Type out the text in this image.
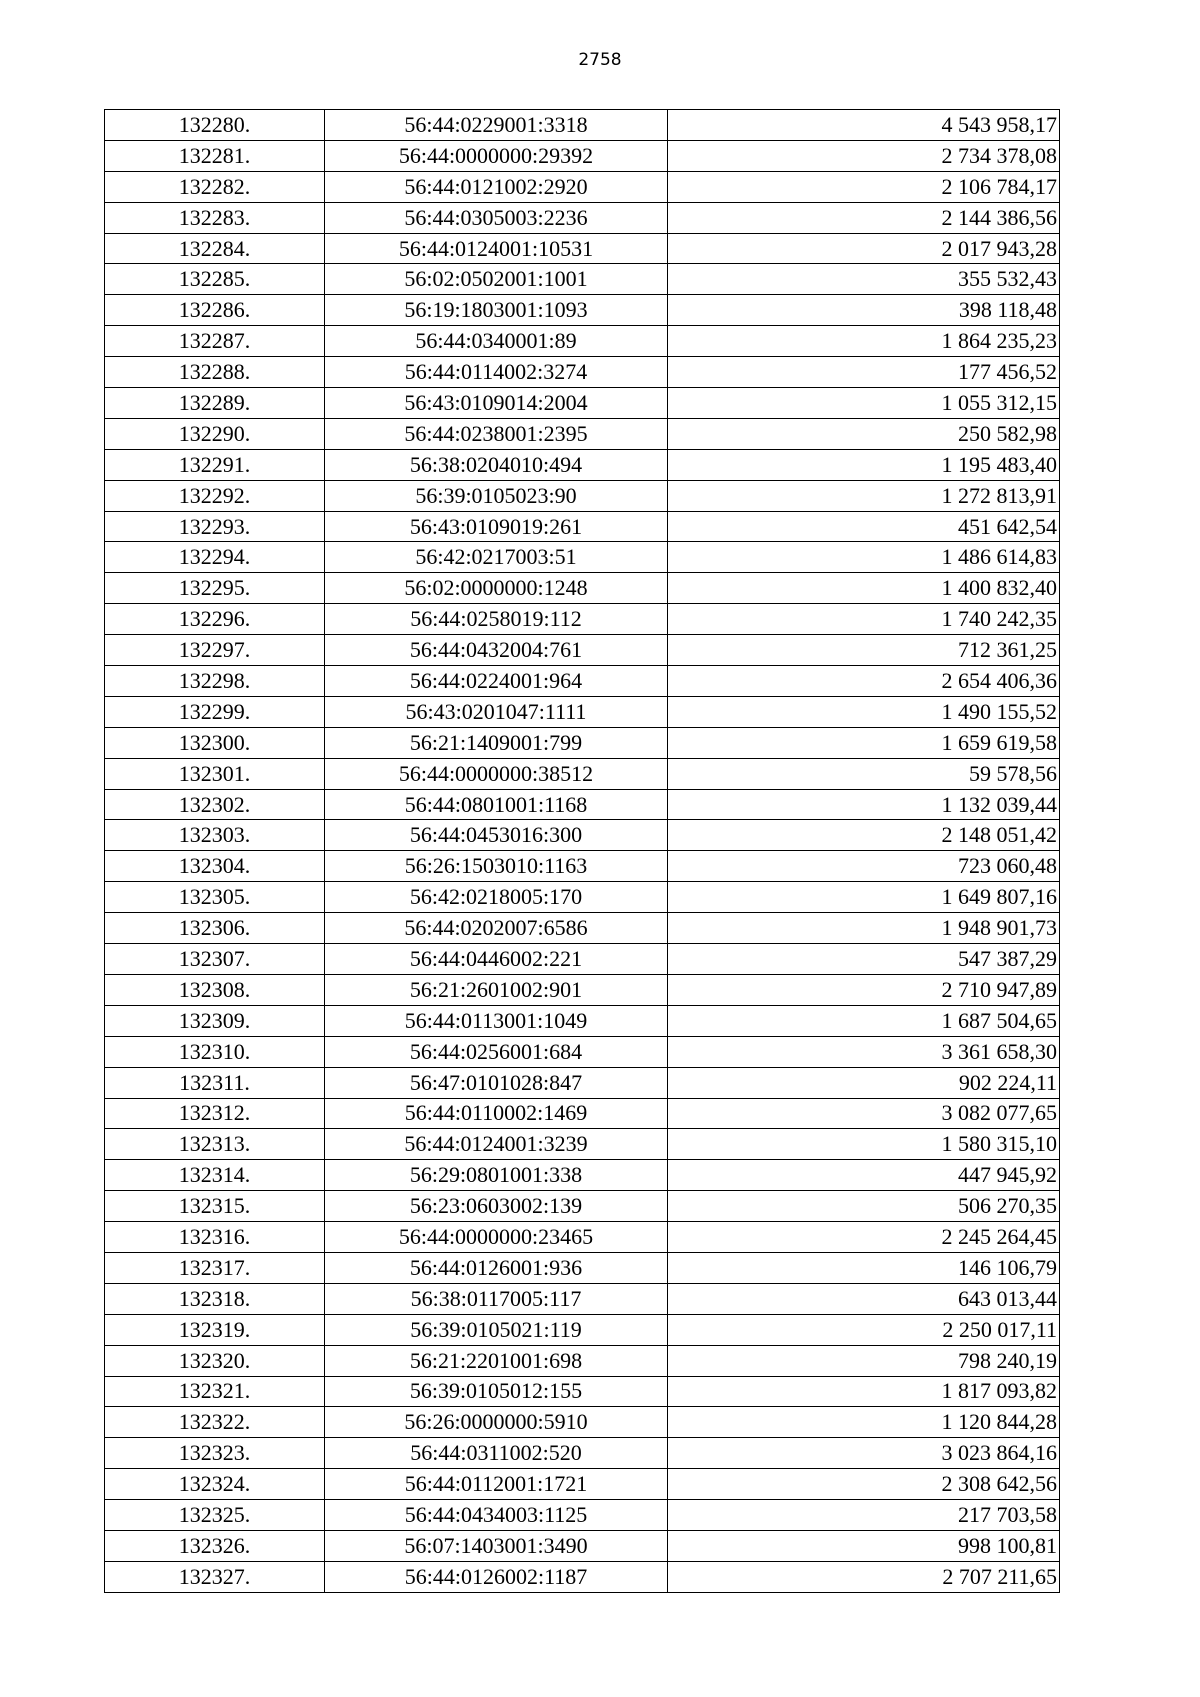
2758
132280.	56:44:0229001:3318	4 543 958,17
132281.	56:44:0000000:29392	2 734 378,08
132282.	56:44:0121002:2920	2 106 784,17
132283.	56:44:0305003:2236	2 144 386,56
132284.	56:44:0124001:10531	2 017 943,28
132285.	56:02:0502001:1001	355 532,43
132286.	56:19:1803001:1093	398 118,48
132287.	56:44:0340001:89	1 864 235,23
132288.	56:44:0114002:3274	177 456,52
132289.	56:43:0109014:2004	1 055 312,15
132290.	56:44:0238001:2395	250 582,98
132291.	56:38:0204010:494	1 195 483,40
132292.	56:39:0105023:90	1 272 813,91
132293.	56:43:0109019:261	451 642,54
132294.	56:42:0217003:51	1 486 614,83
132295.	56:02:0000000:1248	1 400 832,40
132296.	56:44:0258019:112	1 740 242,35
132297.	56:44:0432004:761	712 361,25
132298.	56:44:0224001:964	2 654 406,36
132299.	56:43:0201047:1111	1 490 155,52
132300.	56:21:1409001:799	1 659 619,58
132301.	56:44:0000000:38512	59 578,56
132302.	56:44:0801001:1168	1 132 039,44
132303.	56:44:0453016:300	2 148 051,42
132304.	56:26:1503010:1163	723 060,48
132305.	56:42:0218005:170	1 649 807,16
132306.	56:44:0202007:6586	1 948 901,73
132307.	56:44:0446002:221	547 387,29
132308.	56:21:2601002:901	2 710 947,89
132309.	56:44:0113001:1049	1 687 504,65
132310.	56:44:0256001:684	3 361 658,30
132311.	56:47:0101028:847	902 224,11
132312.	56:44:0110002:1469	3 082 077,65
132313.	56:44:0124001:3239	1 580 315,10
132314.	56:29:0801001:338	447 945,92
132315.	56:23:0603002:139	506 270,35
132316.	56:44:0000000:23465	2 245 264,45
132317.	56:44:0126001:936	146 106,79
132318.	56:38:0117005:117	643 013,44
132319.	56:39:0105021:119	2 250 017,11
132320.	56:21:2201001:698	798 240,19
132321.	56:39:0105012:155	1 817 093,82
132322.	56:26:0000000:5910	1 120 844,28
132323.	56:44:0311002:520	3 023 864,16
132324.	56:44:0112001:1721	2 308 642,56
132325.	56:44:0434003:1125	217 703,58
132326.	56:07:1403001:3490	998 100,81
132327.	56:44:0126002:1187	2 707 211,65
